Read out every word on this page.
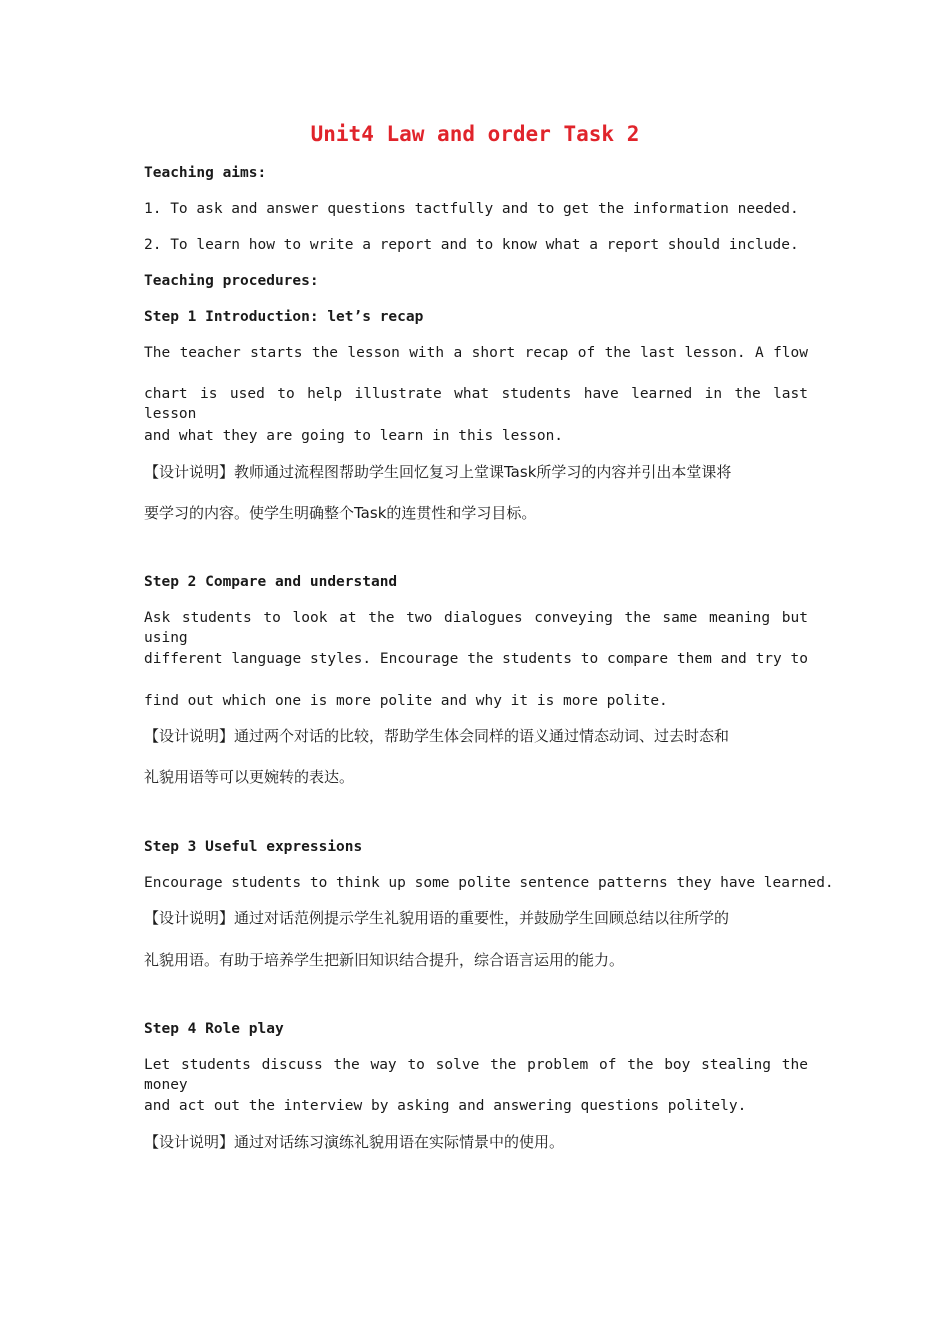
Unit4 Law and order Task 2
Teaching aims:
1. To ask and answer questions tactfully and to get the information needed.
2. To learn how to write a report and to know what a report should include.
Teaching procedures:
Step 1 Introduction: let’s recap
The teacher starts the lesson with a short recap of the last lesson. A flow
chart is used to help illustrate what students have learned in the last lesson
and what they are going to learn in this lesson.
【设计说明】教师通过流程图帮助学生回忆复习上堂课Task所学习的内容并引出本堂课将
要学习的内容。使学生明确整个Task的连贯性和学习目标。
Step 2 Compare and understand
Ask students to look at the two dialogues conveying the same meaning but using
different language styles. Encourage the students to compare them and try to
find out which one is more polite and why it is more polite.
【设计说明】通过两个对话的比较，帮助学生体会同样的语义通过情态动词、过去时态和
礼貌用语等可以更婉转的表达。
Step 3 Useful expressions
Encourage students to think up some polite sentence patterns they have learned.
【设计说明】通过对话范例提示学生礼貌用语的重要性，并鼓励学生回顾总结以往所学的
礼貌用语。有助于培养学生把新旧知识结合提升，综合语言运用的能力。
Step 4 Role play
Let students discuss the way to solve the problem of the boy stealing the money
and act out the interview by asking and answering questions politely.
【设计说明】通过对话练习演练礼貌用语在实际情景中的使用。
